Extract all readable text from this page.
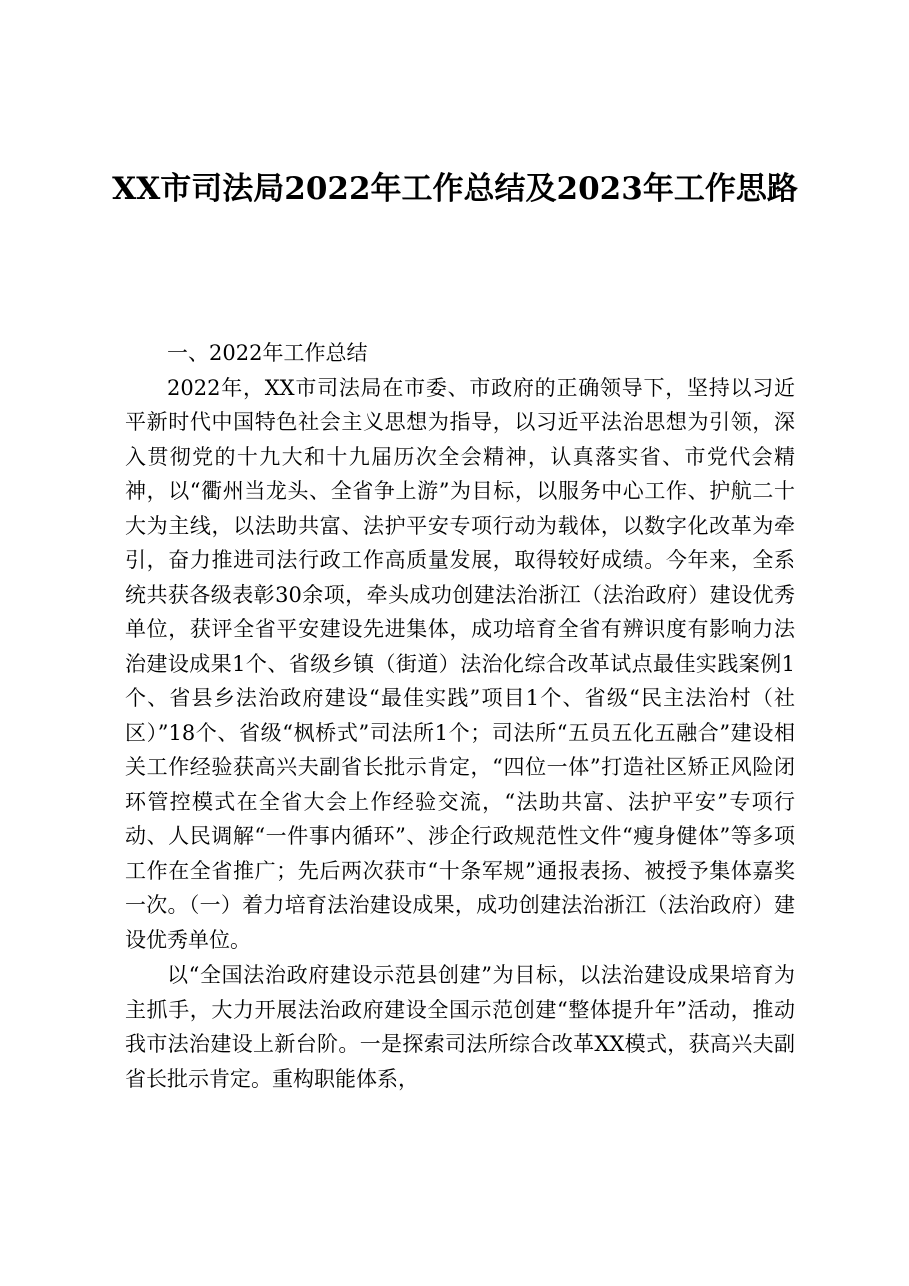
XX市司法局2022年工作总结及2023年工作思路

一、2022年工作总结

2022年，XX市司法局在市委、市政府的正确领导下，坚持以习近平新时代中国特色社会主义思想为指导，以习近平法治思想为引领，深入贯彻党的十九大和十九届历次全会精神，认真落实省、市党代会精神，以“衢州当龙头、全省争上游”为目标，以服务中心工作、护航二十大为主线，以法助共富、法护平安专项行动为载体，以数字化改革为牵引，奋力推进司法行政工作高质量发展，取得较好成绩。今年来，全系统共获各级表彰30余项，牵头成功创建法治浙江（法治政府）建设优秀单位，获评全省平安建设先进集体，成功培育全省有辨识度有影响力法治建设成果1个、省级乡镇（街道）法治化综合改革试点最佳实践案例1个、省县乡法治政府建设“最佳实践”项目1个、省级“民主法治村（社区）”18个、省级“枫桥式”司法所1个；司法所“五员五化五融合”建设相关工作经验获高兴夫副省长批示肯定，“四位一体”打造社区矫正风险闭环管控模式在全省大会上作经验交流，“法助共富、法护平安”专项行动、人民调解“一件事内循环”、涉企行政规范性文件“瘦身健体”等多项工作在全省推广；先后两次获市“十条军规”通报表扬、被授予集体嘉奖一次。（一）着力培育法治建设成果，成功创建法治浙江（法治政府）建设优秀单位。

以“全国法治政府建设示范县创建”为目标，以法治建设成果培育为主抓手，大力开展法治政府建设全国示范创建“整体提升年”活动，推动我市法治建设上新台阶。一是探索司法所综合改革XX模式，获高兴夫副省长批示肯定。重构职能体系，
